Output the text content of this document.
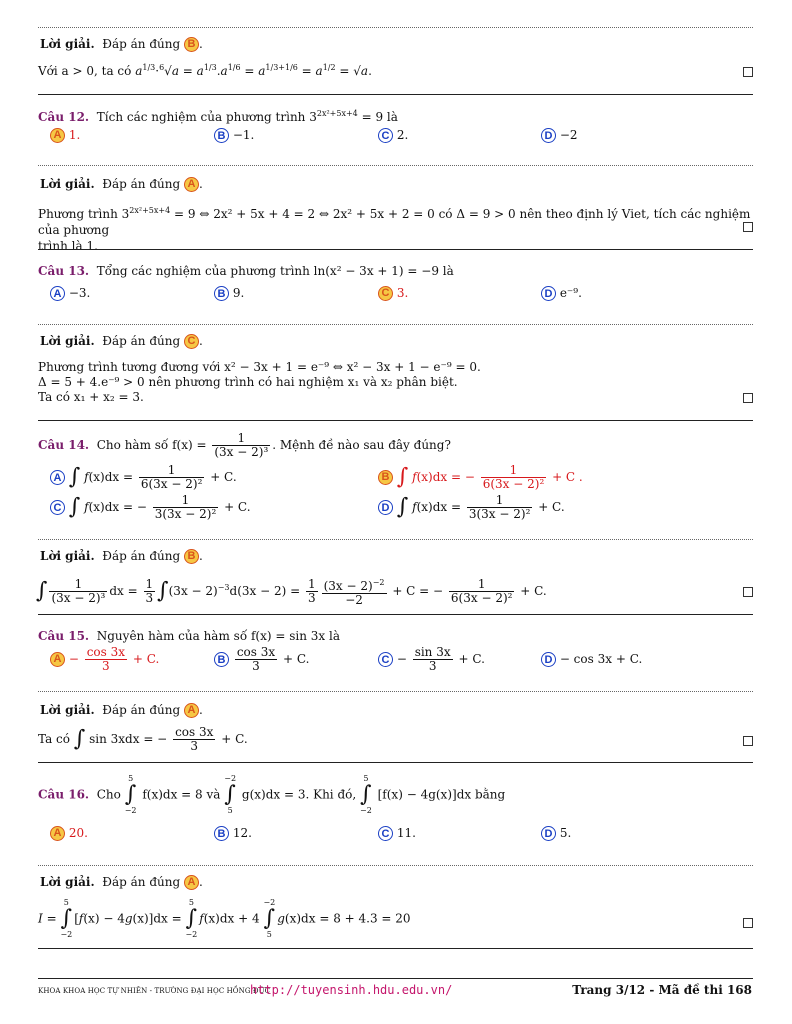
Lời giải. Đáp án đúng B .
Với a > 0, ta có $a^{1/3}\cdot^6√a = a^{1/3}.a^{1/6} = a^{1/3+1/6} = a^{1/2} = √a$.
Câu 12. Tích các nghiệm của phương trình $3^{2x^2+5x+4} = 9$ là
A 1.	B −1.	C 2.	D −2
Lời giải. Đáp án đúng A .
Phương trình $3^{2x^2+5x+4} = 9$ ⇔ 2x² + 5x + 4 = 2 ⇔ 2x² + 5x + 2 = 0 có Δ = 9 > 0 nên theo định lý Viet, tích các nghiệm của phương
trình là 1.
Câu 13. Tổng các nghiệm của phương trình ln(x² − 3x + 1) = −9 là
A −3.	B 9.	C 3.	D e⁻⁹.
Lời giải. Đáp án đúng C .
Phương trình tương đương với x² − 3x + 1 = e⁻⁹ ⇔ x² − 3x + 1 − e⁻⁹ = 0.
Δ = 5 + 4.e⁻⁹ > 0 nên phương trình có hai nghiệm x₁ và x₂ phân biệt.
Ta có x₁ + x₂ = 3.
Câu 14. Cho hàm số $f(x) = \frac{1}{\text{(3x − 2)³}}$ . Mệnh đề nào sau đây đúng?
A ∫ $f(x)dx = \frac{1}{\text{6(3x − 2)²}} + C$.	B ∫ f(x)dx = − $\frac{1}{\text{6(3x − 2)²}} + C$ .
C ∫ f(x)dx = − $\frac{1}{\text{3(3x − 2)²}} + C$.	D ∫ $f(x)dx = \frac{1}{\text{3(3x − 2)²}} + C$.
Lời giải. Đáp án đúng B .
∫ $\frac{1}{\text{(3x − 2)³}}$ dx = $\frac{1}{3} \int(3x - 2)^{-3}d(3x - 2) = \frac{1}{3} \frac{(3x - 2)^{-2}}{-2} + C$ = − $\frac{1}{\text{6(3x − 2)²}} + C$.
Câu 15. Nguyên hàm của hàm số f(x) = sin 3x là
$A - \frac{\cos 3x}{3} + C$.	B $\frac{\cos 3x}{3} + C$.	$C - \frac{\sin 3x}{3} + C$.	D − cos 3x + C.
Lời giải. Đáp án đúng A .
Ta có ∫ sin 3xdx = − $\frac{\cos 3x}{3} + C$.
Câu 16. Cho
5
∫
−2
f(x)dx = 8 và
−2
∫
5
g(x)dx = 3. Khi đó,
5
∫
−2
[f(x) − 4g(x)]dx bằng
A 20.	B 12.	C 11.	D 5.
Lời giải. Đáp án đúng A .
I =
5
∫
−2
[f(x) − 4g(x)]dx =
5
∫
−2
f(x)dx + 4
−2
∫
5
g(x)dx = 8 + 4.3 = 20
KHOA KHOA HỌC TỰ NHIÊN - TRƯỜNG ĐẠI HỌC HỒNG ĐỨC
http://tuyensinh.hdu.edu.vn/	Trang 3/12 - Mã đề thi 168
